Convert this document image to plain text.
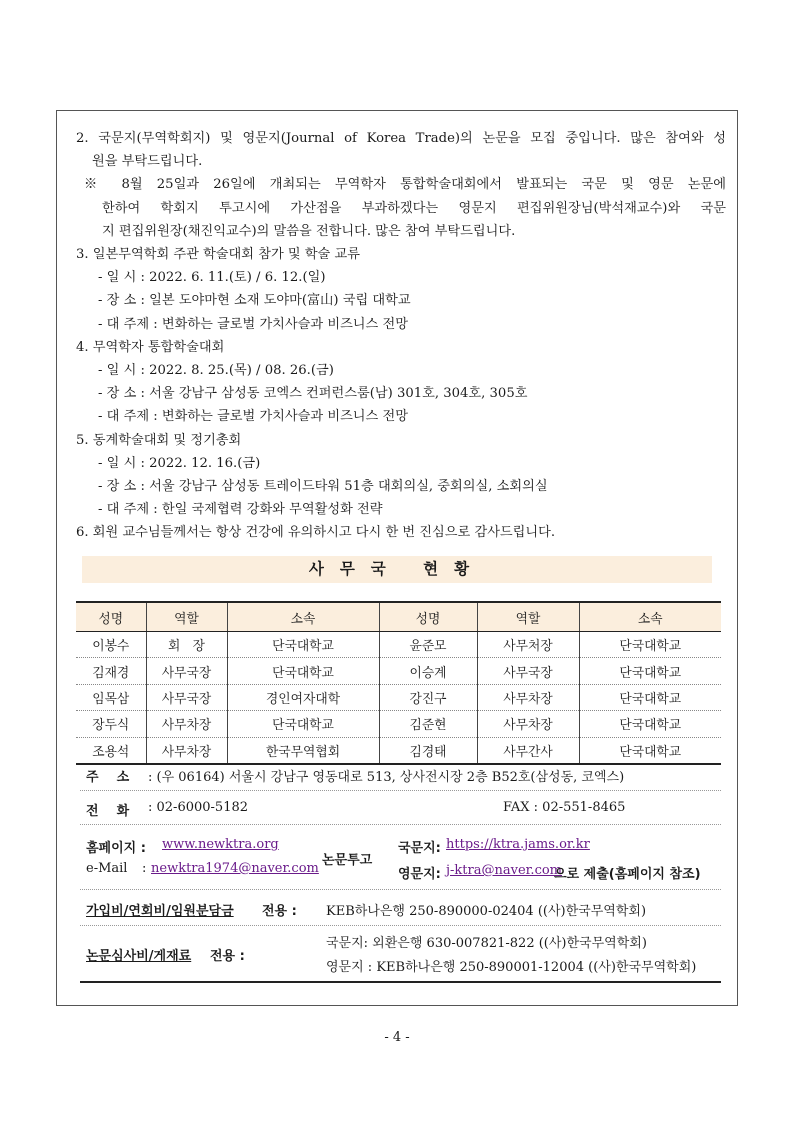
2. 국문지(무역학회지) 및 영문지(Journal of Korea Trade)의 논문을 모집 중입니다. 많은 참여와 성

원을 부탁드립니다.

※ 8월 25일과 26일에 개최되는 무역학자 통합학술대회에서 발표되는 국문 및 영문 논문에

한하여 학회지 투고시에 가산점을 부과하겠다는 영문지 편집위원장님(박석재교수)와 국문

지 편집위원장(채진익교수)의 말씀을 전합니다. 많은 참여 부탁드립니다.

3. 일본무역학회 주관 학술대회 참가 및 학술 교류

- 일 시 : 2022. 6. 11.(토) / 6. 12.(일)

- 장 소 : 일본 도야마현 소재 도야마(富山) 국립 대학교

- 대 주제 : 변화하는 글로벌 가치사슬과 비즈니스 전망

4. 무역학자 통합학술대회

- 일 시 : 2022. 8. 25.(목) / 08. 26.(금)

- 장 소 : 서울 강남구 삼성동 코엑스 컨퍼런스룸(남) 301호, 304호, 305호

- 대 주제 : 변화하는 글로벌 가치사슬과 비즈니스 전망

5. 동계학술대회 및 정기총회

- 일 시 : 2022. 12. 16.(금)

- 장 소 : 서울 강남구 삼성동 트레이드타워 51층 대회의실, 중회의실, 소회의실

- 대 주제 : 한일 국제협력 강화와 무역활성화 전략

6. 회원 교수님들께서는 항상 건강에 유의하시고 다시 한 번 진심으로 감사드립니다.

사무국 현황
성명	역할	소속	성명	역할	소속
이봉수	회   장	단국대학교	윤준모	사무처장	단국대학교
김재경	사무국장	단국대학교	이승계	사무국장	단국대학교
임목삼	사무국장	경인여자대학	강진구	사무차장	단국대학교
장두식	사무차장	단국대학교	김준현	사무차장	단국대학교
조용석	사무차장	한국무역협회	김경태	사무간사	단국대학교
주    소 : (우 06164) 서울시 강남구 영동대로 513, 상사전시장 2층 B52호(삼성동, 코엑스)
전    화 : 02-6000-5182	FAX : 02-551-8465
홈페이지 : www.newktra.org
e-Mail : newktra1974@naver.com
논문투고
국문지: https://ktra.jams.or.kr
영문지: j-ktra@naver.com
으로 제출(홈페이지 참조)
가입비/연회비/임원분담금 전용 : KEB하나은행 250-890000-02404 ((사)한국무역학회)
논문심사비/게재료 전용 :
국문지: 외환은행 630-007821-822 ((사)한국무역학회)
영문지 : KEB하나은행 250-890001-12004 ((사)한국무역학회)
- 4 -
